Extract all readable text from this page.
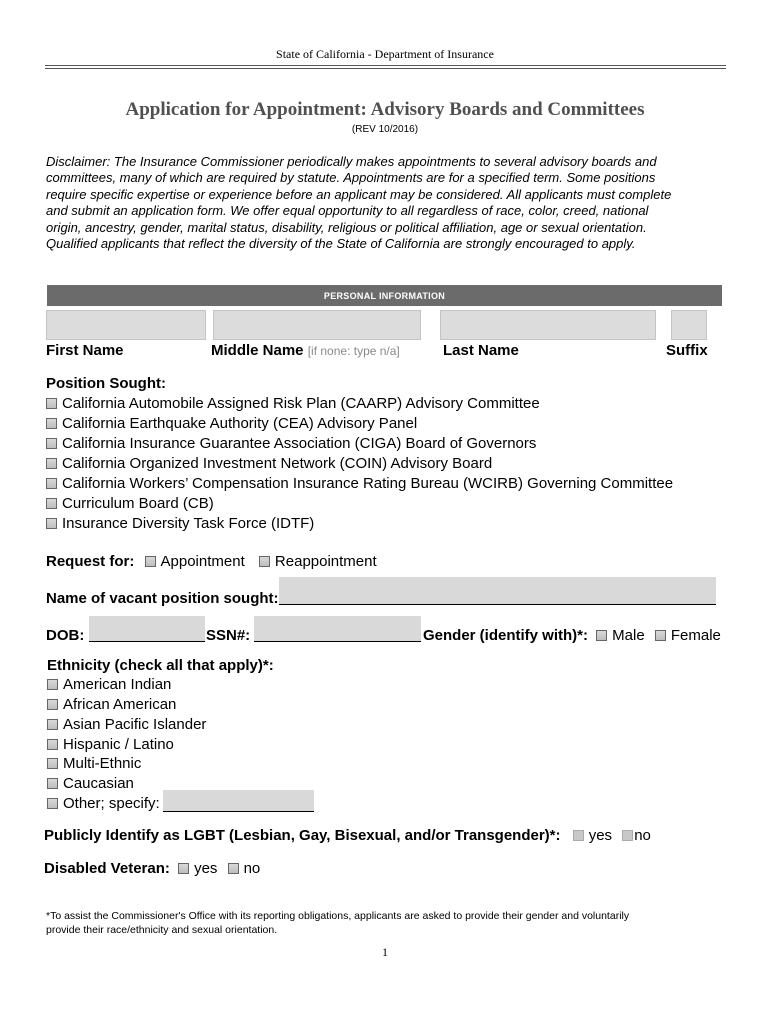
State of California - Department of Insurance
Application for Appointment: Advisory Boards and Committees
(REV 10/2016)
Disclaimer: The Insurance Commissioner periodically makes appointments to several advisory boards and
committees, many of which are required by statute. Appointments are for a specified term. Some positions
require specific expertise or experience before an applicant may be considered. All applicants must complete
and submit an application form. We offer equal opportunity to all regardless of race, color, creed, national
origin, ancestry, gender, marital status, disability, religious or political affiliation, age or sexual orientation.
Qualified applicants that reflect the diversity of the State of California are strongly encouraged to apply.
PERSONAL INFORMATION
First Name	Middle Name [if none: type n/a]	Last Name	Suffix
Position Sought:
California Automobile Assigned Risk Plan (CAARP) Advisory Committee
California Earthquake Authority (CEA) Advisory Panel
California Insurance Guarantee Association (CIGA) Board of Governors
California Organized Investment Network (COIN) Advisory Board
California Workers’ Compensation Insurance Rating Bureau (WCIRB) Governing Committee
Curriculum Board (CB)
Insurance Diversity Task Force (IDTF)
Request for: Appointment Reappointment
Name of vacant position sought:
DOB:	SSN#:	Gender (identify with)*: Male Female
Ethnicity (check all that apply)*:
American Indian
African American
Asian Pacific Islander
Hispanic / Latino
Multi-Ethnic
Caucasian
Other; specify:
Publicly Identify as LGBT (Lesbian, Gay, Bisexual, and/or Transgender)*: yes no
Disabled Veteran: yes no
*To assist the Commissioner's Office with its reporting obligations, applicants are asked to provide their gender and voluntarily
provide their race/ethnicity and sexual orientation.
1
